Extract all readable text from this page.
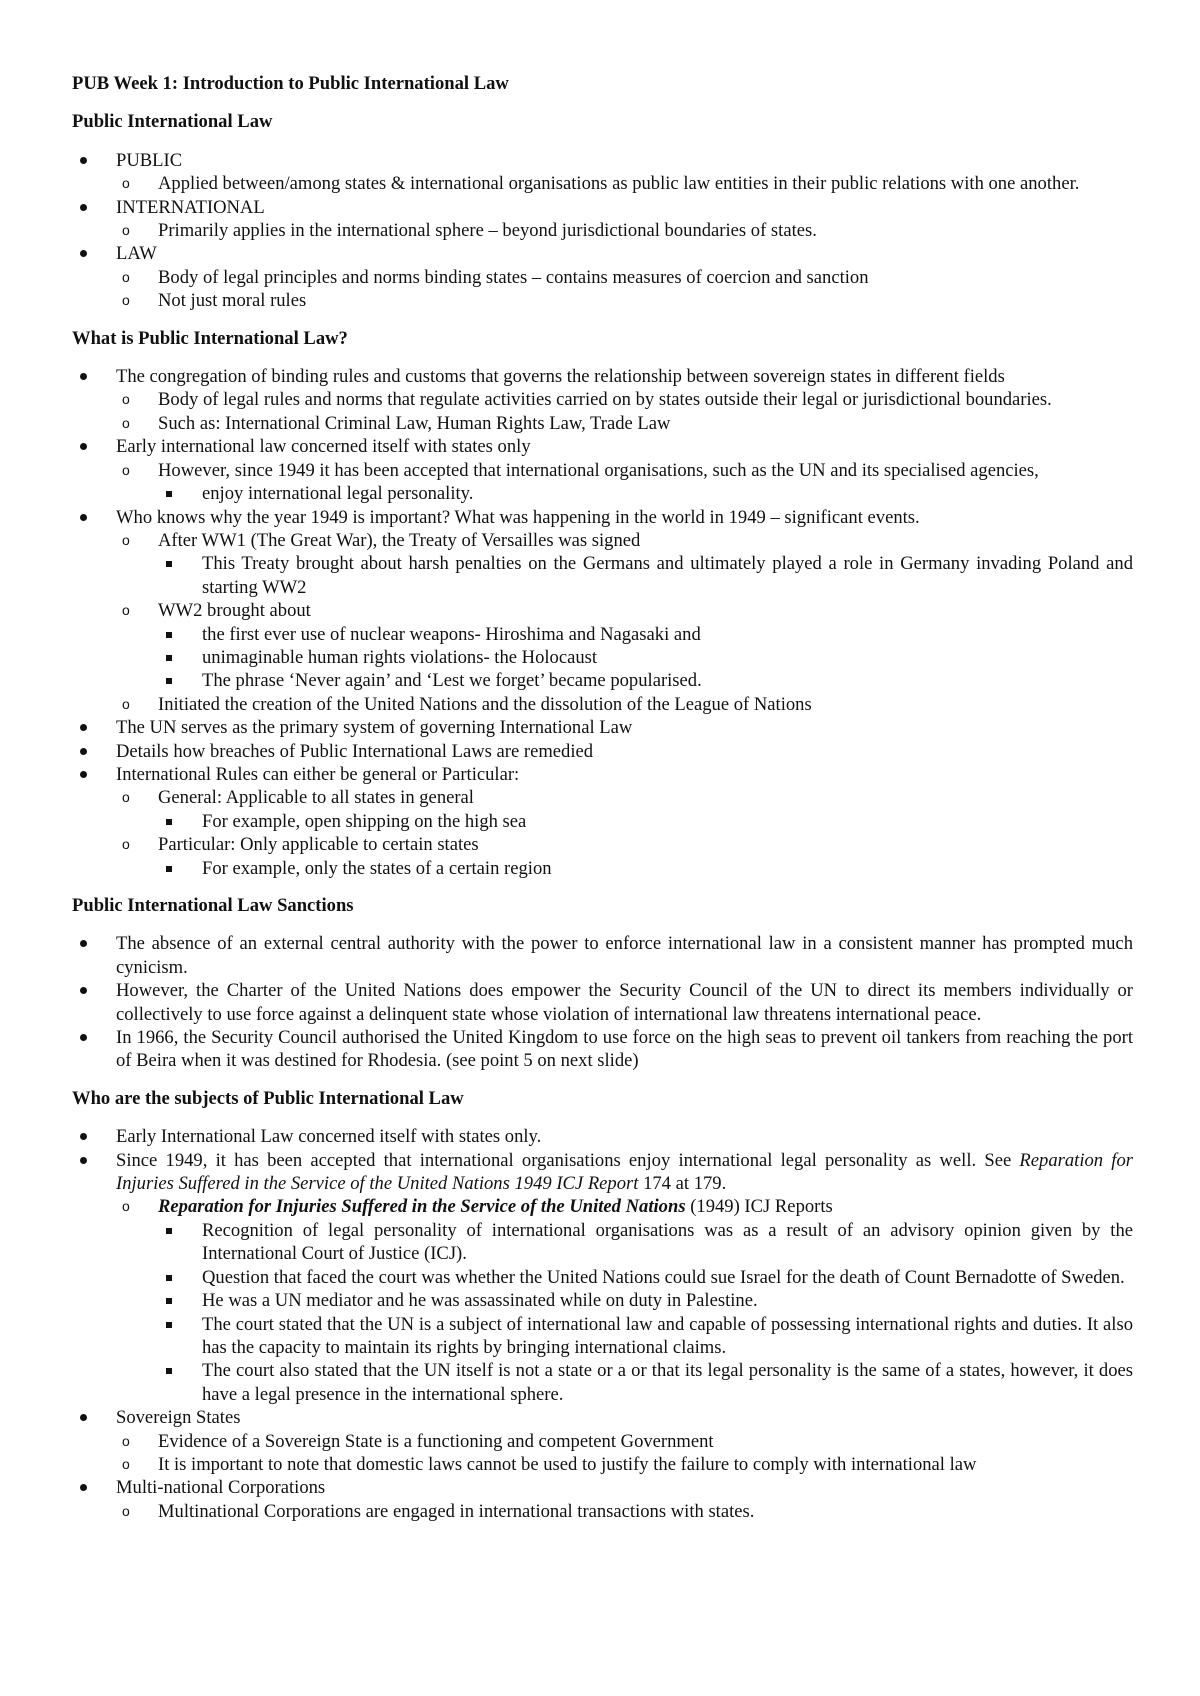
PUB Week 1: Introduction to Public International Law
Public International Law
PUBLIC
o Applied between/among states & international organisations as public law entities in their public relations with one another.
INTERNATIONAL
o Primarily applies in the international sphere – beyond jurisdictional boundaries of states.
LAW
o Body of legal principles and norms binding states – contains measures of coercion and sanction
o Not just moral rules
What is Public International Law?
The congregation of binding rules and customs that governs the relationship between sovereign states in different fields
o Body of legal rules and norms that regulate activities carried on by states outside their legal or jurisdictional boundaries.
o Such as: International Criminal Law, Human Rights Law, Trade Law
Early international law concerned itself with states only
o However, since 1949 it has been accepted that international organisations, such as the UN and its specialised agencies,
enjoy international legal personality.
Who knows why the year 1949 is important? What was happening in the world in 1949 – significant events.
o After WW1 (The Great War), the Treaty of Versailles was signed
This Treaty brought about harsh penalties on the Germans and ultimately played a role in Germany invading Poland and starting WW2
o WW2 brought about
the first ever use of nuclear weapons- Hiroshima and Nagasaki and
unimaginable human rights violations- the Holocaust
The phrase ‘Never again’ and ‘Lest we forget’ became popularised.
o Initiated the creation of the United Nations and the dissolution of the League of Nations
The UN serves as the primary system of governing International Law
Details how breaches of Public International Laws are remedied
International Rules can either be general or Particular:
o General: Applicable to all states in general
For example, open shipping on the high sea
o Particular: Only applicable to certain states
For example, only the states of a certain region
Public International Law Sanctions
The absence of an external central authority with the power to enforce international law in a consistent manner has prompted much cynicism.
However, the Charter of the United Nations does empower the Security Council of the UN to direct its members individually or collectively to use force against a delinquent state whose violation of international law threatens international peace.
In 1966, the Security Council authorised the United Kingdom to use force on the high seas to prevent oil tankers from reaching the port of Beira when it was destined for Rhodesia. (see point 5 on next slide)
Who are the subjects of Public International Law
Early International Law concerned itself with states only.
Since 1949, it has been accepted that international organisations enjoy international legal personality as well. See Reparation for Injuries Suffered in the Service of the United Nations 1949 ICJ Report 174 at 179.
o Reparation for Injuries Suffered in the Service of the United Nations (1949) ICJ Reports
Recognition of legal personality of international organisations was as a result of an advisory opinion given by the International Court of Justice (ICJ).
Question that faced the court was whether the United Nations could sue Israel for the death of Count Bernadotte of Sweden.
He was a UN mediator and he was assassinated while on duty in Palestine.
The court stated that the UN is a subject of international law and capable of possessing international rights and duties. It also has the capacity to maintain its rights by bringing international claims.
The court also stated that the UN itself is not a state or a or that its legal personality is the same of a states, however, it does have a legal presence in the international sphere.
Sovereign States
o Evidence of a Sovereign State is a functioning and competent Government
o It is important to note that domestic laws cannot be used to justify the failure to comply with international law
Multi-national Corporations
o Multinational Corporations are engaged in international transactions with states.
